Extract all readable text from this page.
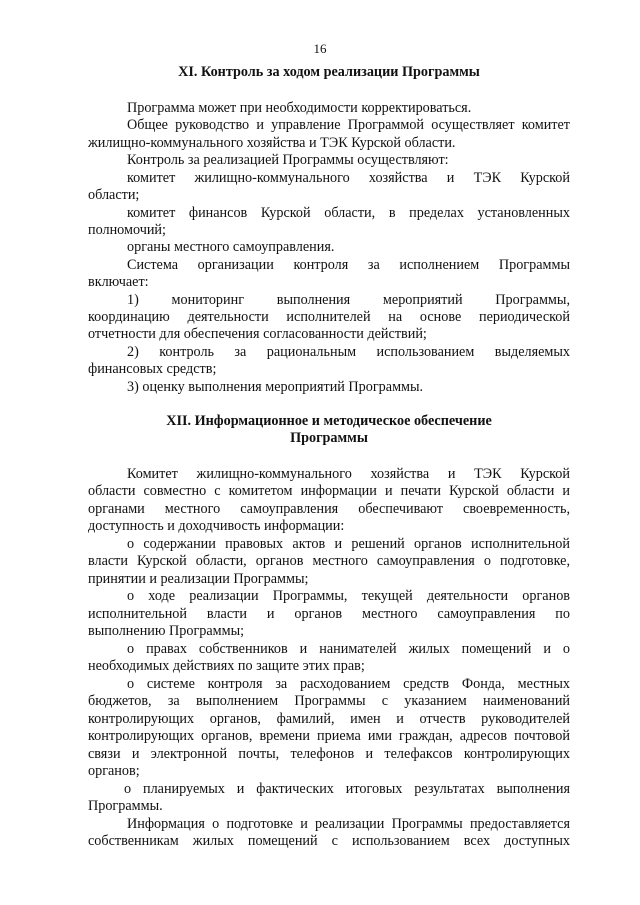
16
XI. Контроль за ходом реализации Программы
Программа может при необходимости корректироваться.
Общее руководство и управление Программой осуществляет комитет
жилищно-коммунального хозяйства и ТЭК Курской области.
Контроль за реализацией Программы осуществляют:
комитет жилищно-коммунального хозяйства и ТЭК Курской
области;
комитет финансов Курской области, в пределах установленных
полномочий;
органы местного самоуправления.
Система организации контроля за исполнением Программы
включает:
1) мониторинг выполнения мероприятий Программы,
координацию деятельности исполнителей на основе периодической
отчетности для обеспечения согласованности действий;
2) контроль за рациональным использованием выделяемых
финансовых средств;
3) оценку выполнения мероприятий Программы.
XII. Информационное и методическое обеспечение
Программы
Комитет жилищно-коммунального хозяйства и ТЭК Курской
области совместно с комитетом информации и печати Курской области и
органами местного самоуправления обеспечивают своевременность,
доступность и доходчивость информации:
о содержании правовых актов и решений органов исполнительной
власти Курской области, органов местного самоуправления о подготовке,
принятии и реализации Программы;
о ходе реализации Программы, текущей деятельности органов
исполнительной власти и органов местного самоуправления по
выполнению Программы;
о правах собственников и нанимателей жилых помещений и о
необходимых действиях по защите этих прав;
о системе контроля за расходованием средств Фонда, местных
бюджетов, за выполнением Программы с указанием наименований
контролирующих органов, фамилий, имен и отчеств руководителей
контролирующих органов, времени приема ими граждан, адресов почтовой
связи и электронной почты, телефонов и телефаксов контролирующих
органов;
о планируемых и фактических итоговых результатах выполнения
Программы.
Информация о подготовке и реализации Программы предоставляется
собственникам жилых помещений с использованием всех доступных
